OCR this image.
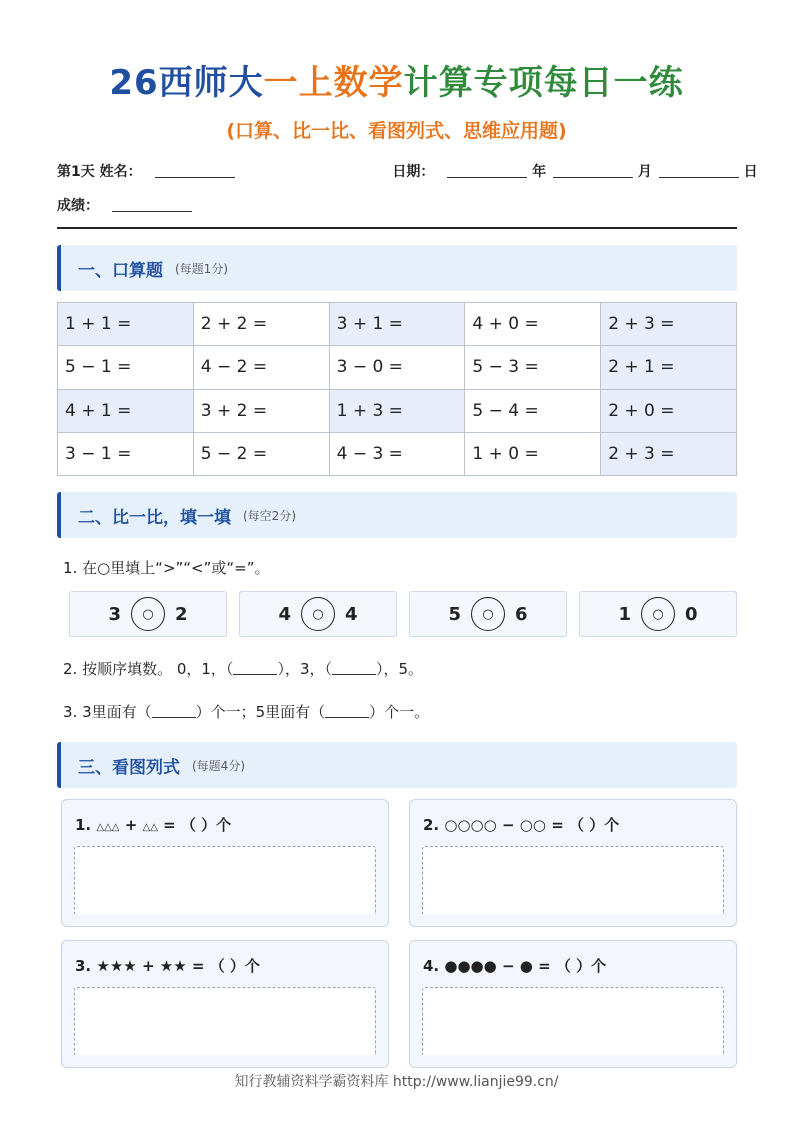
26西师大一上数学计算专项每日一练
(口算、比一比、看图列式、思维应用题)
第1天 姓名：	日期：	年	月	日
成绩：
一、口算题 (每题1分)
1 + 1 =	2 + 2 =	3 + 1 =	4 + 0 =	2 + 3 =
5 − 1 =	4 − 2 =	3 − 0 =	5 − 3 =	2 + 1 =
4 + 1 =	3 + 2 =	1 + 3 =	5 − 4 =	2 + 0 =
3 − 1 =	5 − 2 =	4 − 3 =	1 + 0 =	2 + 3 =
二、比一比，填一填 (每空2分)
1. 在○里填上“>”“<”或“=”。
3	○	2	4	○	4	5	○	6	1	○	0
2. 按顺序填数。 0，1，（	），3，（	），5。
3. 3里面有（	）个一；5里面有（	）个一。
三、看图列式 (每题4分)
1. △△△ + △△ = （ ）个	2. ○○○○ − ○○ = （ ）个
3. ★★★ + ★★ = （ ）个	4. ●●●● − ● = （ ）个
知行教辅资料学霸资料库 http://www.lianjie99.cn/
